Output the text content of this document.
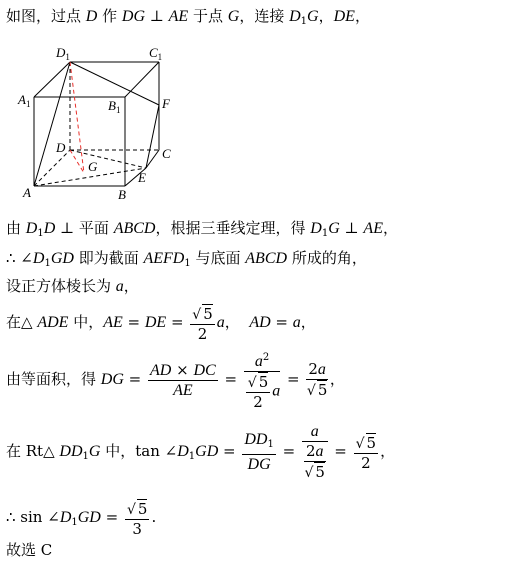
如图，过点 D 作 DG ⊥ AE 于点 G，连接 $D_1G$，DE，
$D_1$	$C_1$
$A_1$	$B_1$	F
D	C
G
E
A	B
由 $D_1D$ ⊥ 平面 ABCD，根据三垂线定理，得 $D_1G$ ⊥ AE，
∴ $\angle D_1GD$ 即为截面 $AEFD_1$ 与底面 ABCD 所成的角，
设正方体棱长为 a，
在△ ADE 中，AE = DE = $\frac{√ 5}{2}$ a， AD = a，
由等面积，得 DG = $\frac{AD \times DC}{AE} = \frac{a^2}{\frac{√ 5}{2} a} = \frac{2a}{√ 5}$ ，
在 Rt△ $DD_1G$ 中，$\tan \angle D_1GD = \frac{DD_1}{DG} = \frac{a}{\frac{2a}{√ 5}} = \frac{√ 5}{2}$ ，
∴ $\sin \angle D_1GD = \frac{√ 5}{3}$ .
故选 C
